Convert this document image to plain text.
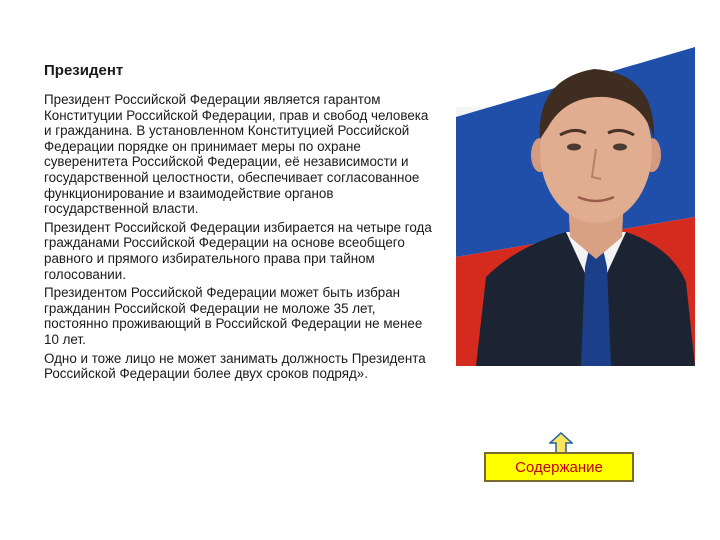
Президент

Президент Российской Федерации является гарантом Конституции Российской Федерации, прав и свобод человека и гражданина. В установленном Конституцией Российской Федерации порядке он принимает меры по охране суверенитета Российской Федерации, её независимости и государственной целостности, обеспечивает согласованное функционирование и взаимодействие органов государственной власти.

Президент Российской Федерации избирается на четыре года гражданами Российской Федерации на основе всеобщего равного и прямого избирательного права при тайном голосовании.

Президентом Российской Федерации может быть избран гражданин Российской Федерации не моложе 35 лет, постоянно проживающий в Российской Федерации не менее 10 лет.

Одно и тоже лицо не может занимать должность Президента Российской Федерации более двух сроков подряд».

Содержание
